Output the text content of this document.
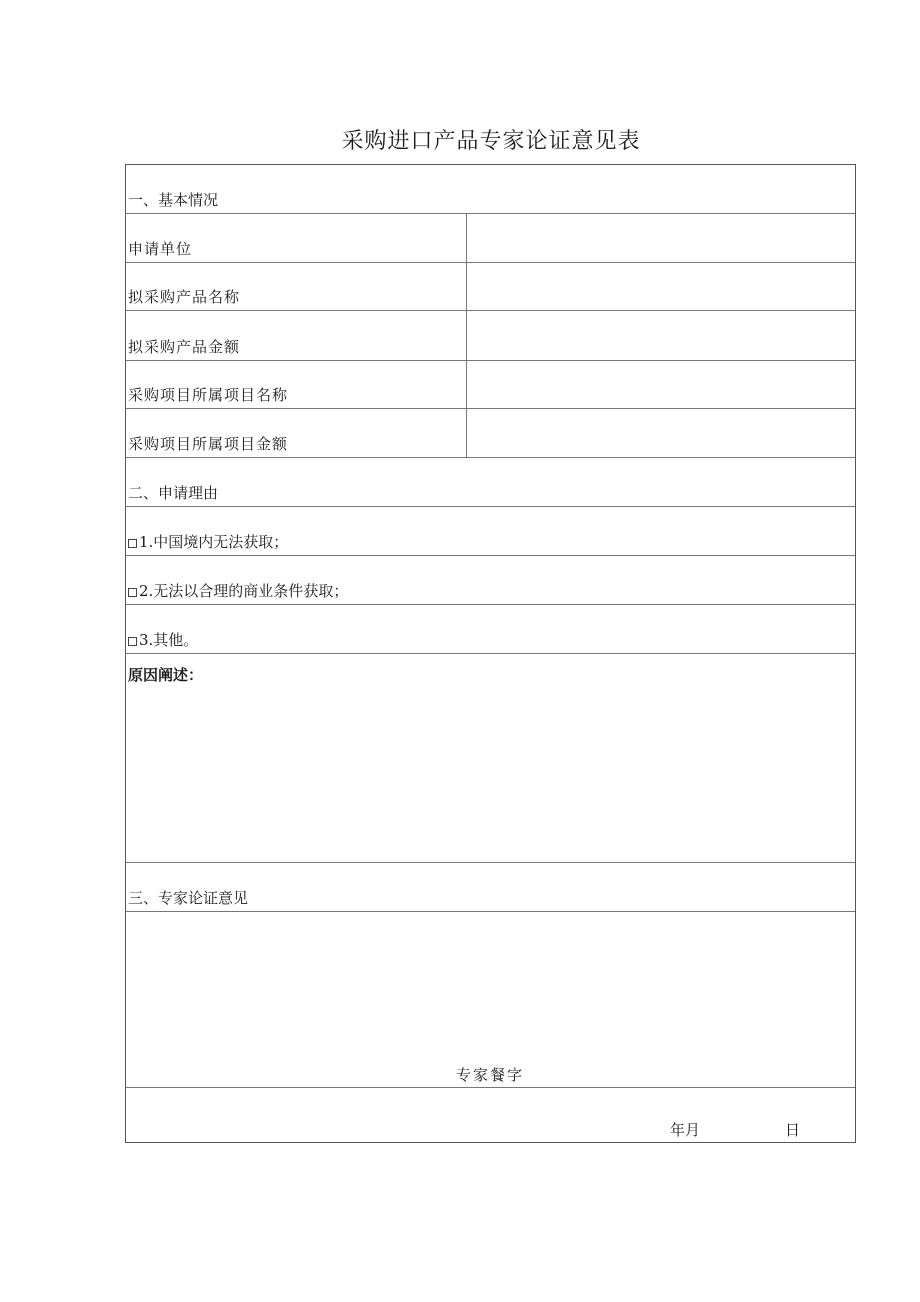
采购进口产品专家论证意见表
一、基本情况
申请单位
拟采购产品名称
拟采购产品金额
采购项目所属项目名称
采购项目所属项目金额
二、申请理由
1.中国境内无法获取；
2.无法以合理的商业条件获取；
3.其他。
原因阐述：
三、专家论证意见
专家餐字
年月	日
